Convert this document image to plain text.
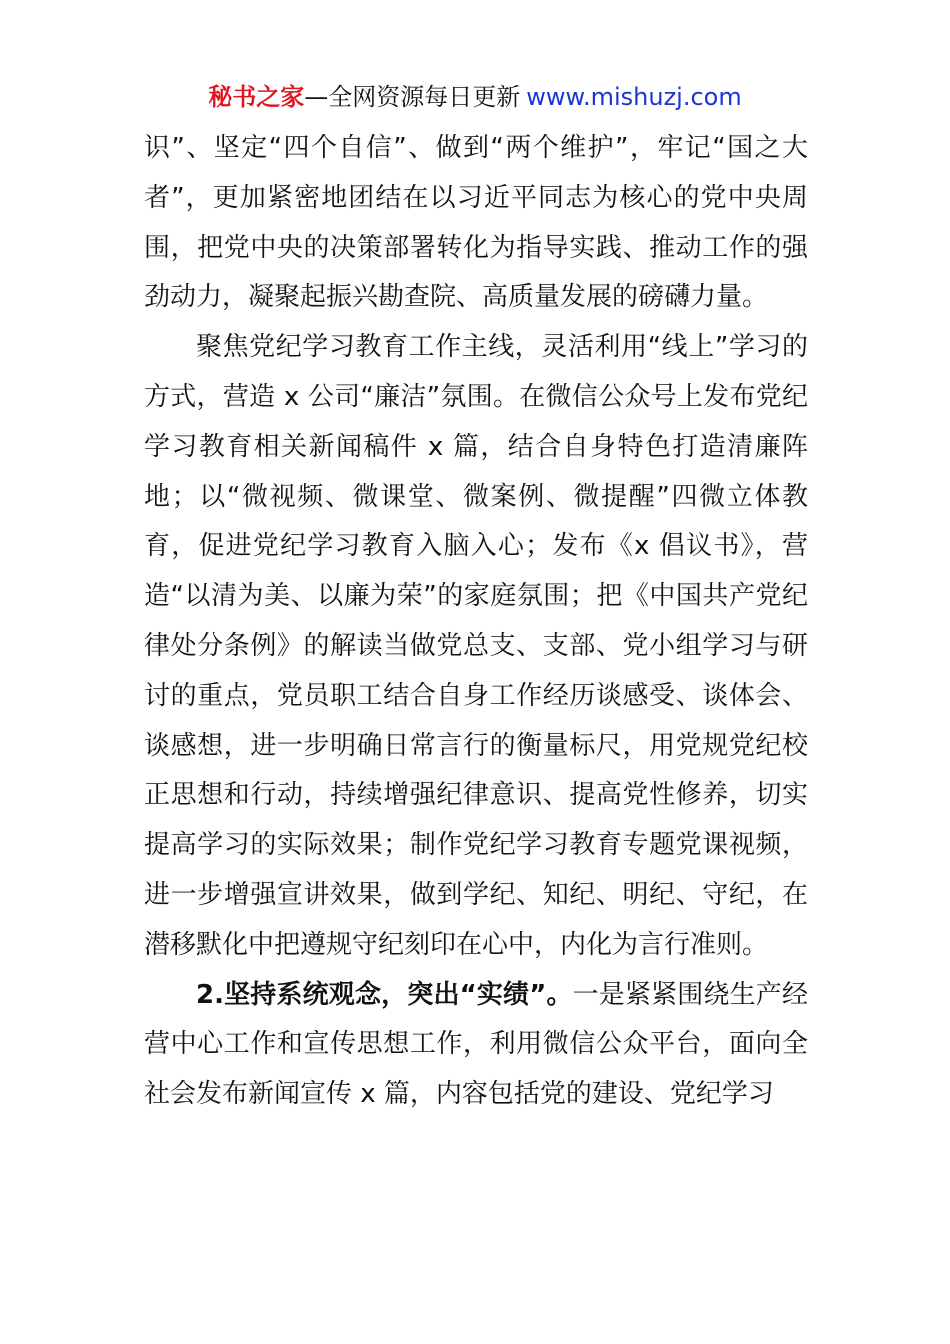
秘书之家—全网资源每日更新 www.mishuzj.com

识”、坚定“四个自信”、做到“两个维护”，牢记“国之大者”，更加紧密地团结在以习近平同志为核心的党中央周围，把党中央的决策部署转化为指导实践、推动工作的强劲动力，凝聚起振兴勘查院、高质量发展的磅礴力量。

聚焦党纪学习教育工作主线，灵活利用“线上”学习的方式，营造 x 公司“廉洁”氛围。在微信公众号上发布党纪学习教育相关新闻稿件 x 篇，结合自身特色打造清廉阵地；以“微视频、微课堂、微案例、微提醒”四微立体教育，促进党纪学习教育入脑入心；发布《x 倡议书》，营造“以清为美、以廉为荣”的家庭氛围；把《中国共产党纪律处分条例》的解读当做党总支、支部、党小组学习与研讨的重点，党员职工结合自身工作经历谈感受、谈体会、谈感想，进一步明确日常言行的衡量标尺，用党规党纪校正思想和行动，持续增强纪律意识、提高党性修养，切实提高学习的实际效果；制作党纪学习教育专题党课视频，进一步增强宣讲效果，做到学纪、知纪、明纪、守纪，在潜移默化中把遵规守纪刻印在心中，内化为言行准则。

2.坚持系统观念，突出“实绩”。一是紧紧围绕生产经营中心工作和宣传思想工作，利用微信公众平台，面向全社会发布新闻宣传 x 篇，内容包括党的建设、党纪学习
